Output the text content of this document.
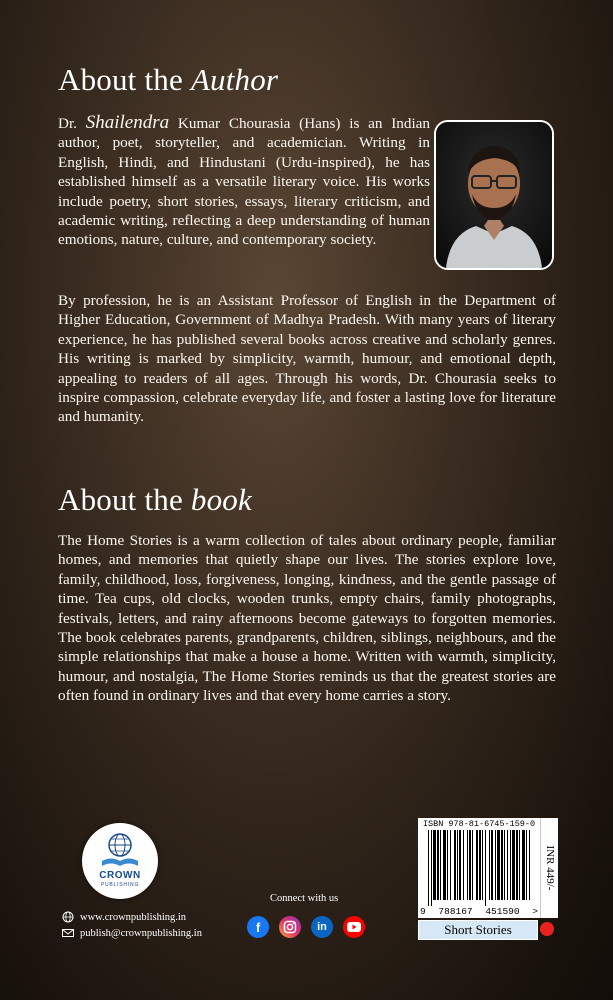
About the Author

Dr. Shailendra Kumar Chourasia (Hans) is an Indian author, poet, storyteller, and academician. Writing in English, Hindi, and Hindustani (Urdu-inspired), he has established himself as a versatile literary voice. His works include poetry, short stories, essays, literary criticism, and academic writing, reflecting a deep understanding of human emotions, nature, culture, and contemporary society.

By profession, he is an Assistant Professor of English in the Department of Higher Education, Government of Madhya Pradesh. With many years of literary experience, he has published several books across creative and scholarly genres. His writing is marked by simplicity, warmth, humour, and emotional depth, appealing to readers of all ages. Through his words, Dr. Chourasia seeks to inspire compassion, celebrate everyday life, and foster a lasting love for literature and humanity.

About the book

The Home Stories is a warm collection of tales about ordinary people, familiar homes, and memories that quietly shape our lives. The stories explore love, family, childhood, loss, forgiveness, longing, kindness, and the gentle passage of time. Tea cups, old clocks, wooden trunks, empty chairs, family photographs, festivals, letters, and rainy afternoons become gateways to forgotten memories. The book celebrates parents, grandparents, children, siblings, neighbours, and the simple relationships that make a house a home. Written with warmth, simplicity, humour, and nostalgia, The Home Stories reminds us that the greatest stories are often found in ordinary lives and that every home carries a story.

CROWN
PUBLISHING
www.crownpublishing.in
publish@crownpublishing.in
Connect with us
f	in
ISBN 978-81-6745-159-0
9 788167 451590 >
INR 449/-
Short Stories
